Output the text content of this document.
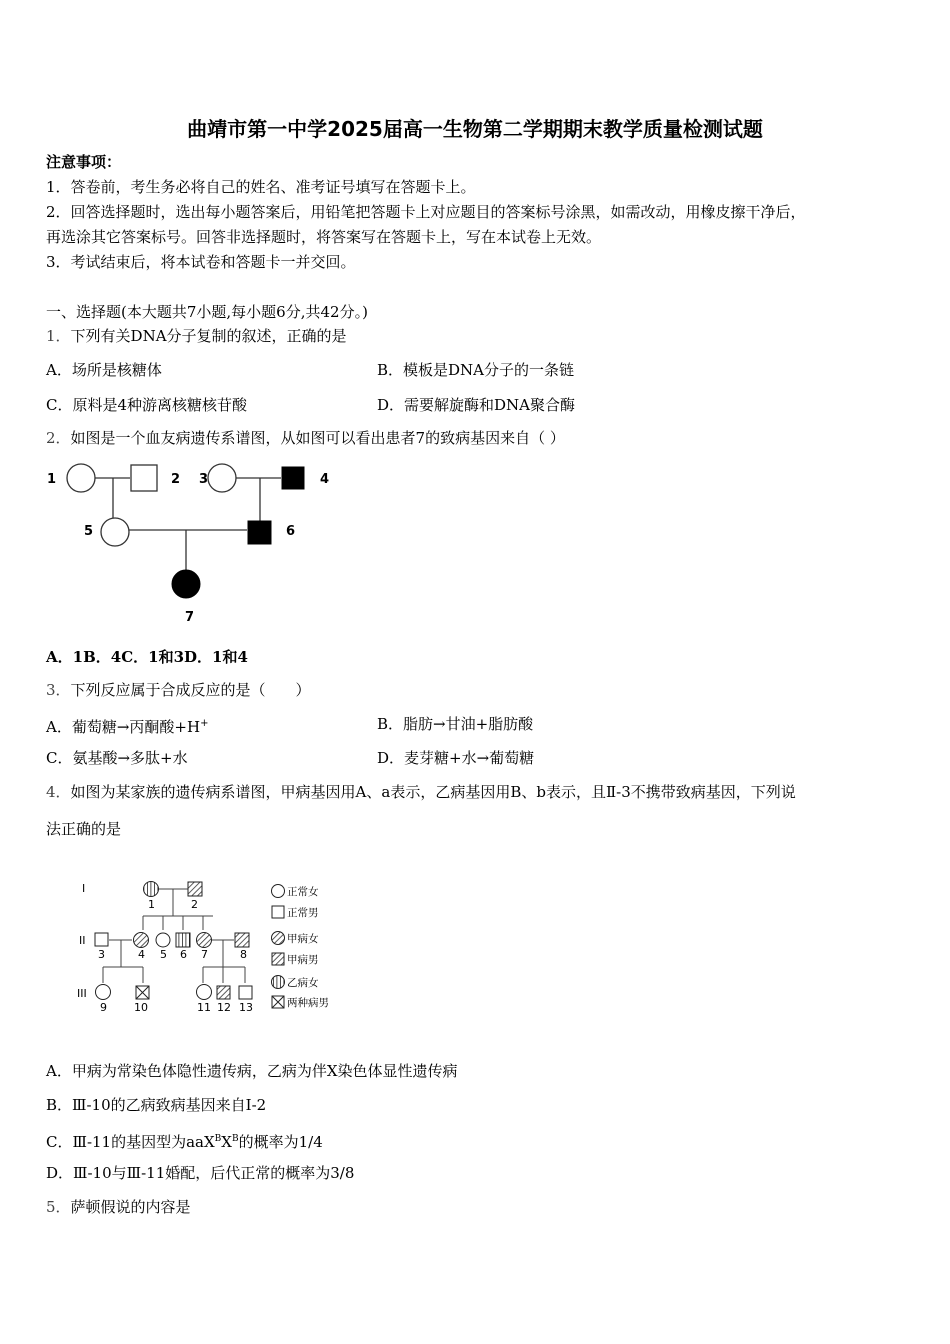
曲靖市第一中学2025届高一生物第二学期期末教学质量检测试题
注意事项：
1．答卷前，考生务必将自己的姓名、准考证号填写在答题卡上。
2．回答选择题时，选出每小题答案后，用铅笔把答题卡上对应题目的答案标号涂黑，如需改动，用橡皮擦干净后，
再选涂其它答案标号。回答非选择题时，将答案写在答题卡上，写在本试卷上无效。
3．考试结束后，将本试卷和答题卡一并交回。
一、选择题(本大题共7小题,每小题6分,共42分。)
1．下列有关DNA分子复制的叙述，正确的是
A．场所是核糖体	B．模板是DNA分子的一条链
C．原料是4种游离核糖核苷酸	D．需要解旋酶和DNA聚合酶
2．如图是一个血友病遗传系谱图，从如图可以看出患者7的致病基因来自（ ）
1	2 3	4
5	6
7
A．1B．4C．1和3D．1和4
3．下列反应属于合成反应的是（　　）
A．葡萄糖→丙酮酸+H+	B．脂肪→甘油+脂肪酸
C．氨基酸→多肽+水	D．麦芽糖+水→葡萄糖
4．如图为某家族的遗传病系谱图，甲病基因用A、a表示，乙病基因用B、b表示，且Ⅱ-3不携带致病基因，下列说
法正确的是
I
II
III
1	2
3	4 5 6 7	8
9 10	11 12 13
正常女
正常男
甲病女
甲病男
乙病女
两种病男
A．甲病为常染色体隐性遗传病，乙病为伴X染色体显性遗传病
B．Ⅲ-10的乙病致病基因来自I-2
C．Ⅲ-11的基因型为$aaX^BX^B$的概率为1/4
D．Ⅲ-10与Ⅲ-11婚配，后代正常的概率为3/8
5．萨顿假说的内容是
